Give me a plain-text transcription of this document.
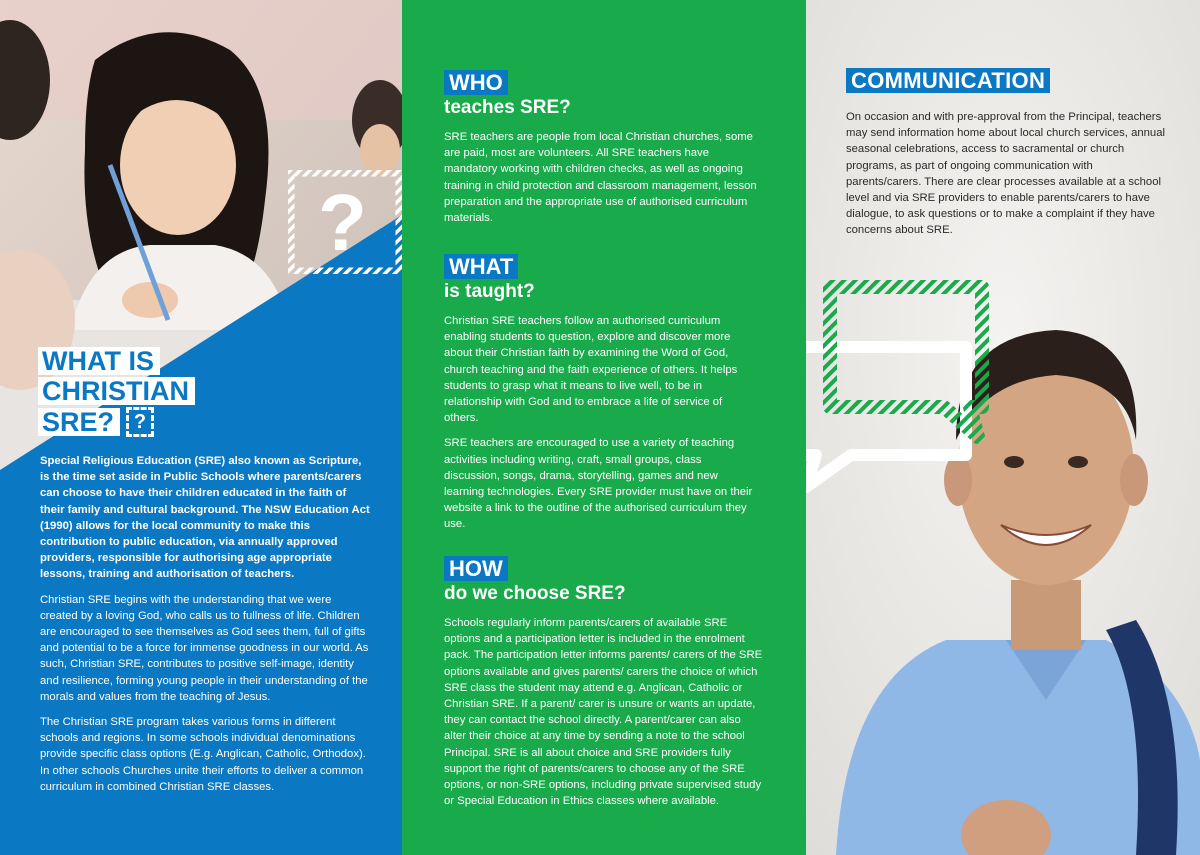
?
WHAT IS
CHRISTIAN
SRE? ?

Special Religious Education (SRE) also known as Scripture, is the time set aside in Public Schools where parents/carers can choose to have their children educated in the faith of their family and cultural background. The NSW Education Act (1990) allows for the local community to make this contribution to public education, via annually approved providers, responsible for authorising age appropriate lessons, training and authorisation of teachers.

Christian SRE begins with the understanding that we were created by a loving God, who calls us to fullness of life. Children are encouraged to see themselves as God sees them, full of gifts and potential to be a force for immense goodness in our world. As such, Christian SRE, contributes to positive self-image, identity and resilience, forming young people in their understanding of the morals and values from the teaching of Jesus.

The Christian SRE program takes various forms in different schools and regions. In some schools individual denominations provide specific class options (E.g. Anglican, Catholic, Orthodox). In other schools Churches unite their efforts to deliver a common curriculum in combined Christian SRE classes.

WHO
teaches SRE?

SRE teachers are people from local Christian churches, some are paid, most are volunteers. All SRE teachers have mandatory working with children checks, as well as ongoing training in child protection and classroom management, lesson preparation and the appropriate use of authorised curriculum materials.

WHAT
is taught?

Christian SRE teachers follow an authorised curriculum enabling students to question, explore and discover more about their Christian faith by examining the Word of God, church teaching and the faith experience of others. It helps students to grasp what it means to live well, to be in relationship with God and to embrace a life of service of others.

SRE teachers are encouraged to use a variety of teaching activities including writing, craft, small groups, class discussion, songs, drama, storytelling, games and new learning technologies. Every SRE provider must have on their website a link to the outline of the authorised curriculum they use.

HOW
do we choose SRE?

Schools regularly inform parents/carers of available SRE options and a participation letter is included in the enrolment pack. The participation letter informs parents/ carers of the SRE options available and gives parents/ carers the choice of which SRE class the student may attend e.g. Anglican, Catholic or Christian SRE. If a parent/ carer is unsure or wants an update, they can contact the school directly. A parent/carer can also alter their choice at any time by sending a note to the school Principal. SRE is all about choice and SRE providers fully support the right of parents/carers to choose any of the SRE options, or non-SRE options, including private supervised study or Special Education in Ethics classes where available.

COMMUNICATION

On occasion and with pre-approval from the Principal, teachers may send information home about local church services, annual seasonal celebrations, access to sacramental or church programs, as part of ongoing communication with parents/carers. There are clear processes available at a school level and via SRE providers to enable parents/carers to have dialogue, to ask questions or to make a complaint if they have concerns about SRE.
